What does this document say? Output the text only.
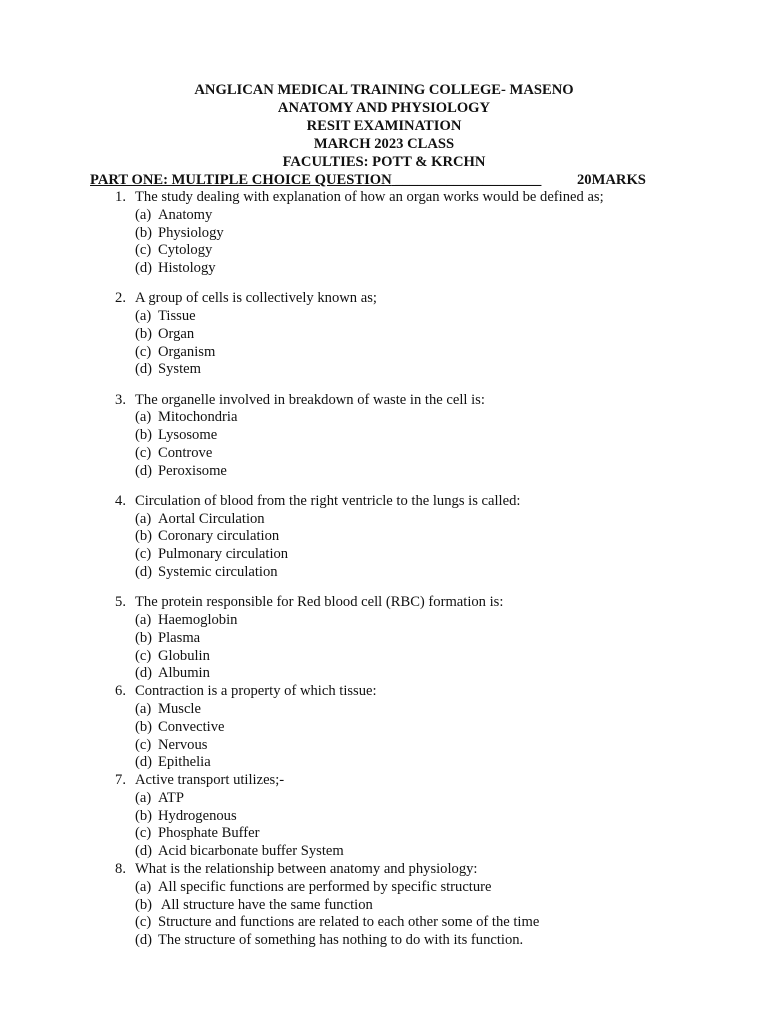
ANGLICAN MEDICAL TRAINING COLLEGE- MASENO
ANATOMY AND PHYSIOLOGY
RESIT EXAMINATION
MARCH 2023 CLASS
FACULTIES: POTT & KRCHN
PART ONE: MULTIPLE CHOICE QUESTION ____________________ 20MARKS
1. The study dealing with explanation of how an organ works would be defined as;
(a) Anatomy
(b) Physiology
(c) Cytology
(d) Histology
2. A group of cells is collectively known as;
(a) Tissue
(b) Organ
(c) Organism
(d) System
3. The organelle involved in breakdown of waste in the cell is:
(a) Mitochondria
(b) Lysosome
(c) Controve
(d) Peroxisome
4. Circulation of blood from the right ventricle to the lungs is called:
(a) Aortal Circulation
(b) Coronary circulation
(c) Pulmonary circulation
(d) Systemic circulation
5. The protein responsible for Red blood cell (RBC) formation is:
(a) Haemoglobin
(b) Plasma
(c) Globulin
(d) Albumin
6. Contraction is a property of which tissue:
(a) Muscle
(b) Convective
(c) Nervous
(d) Epithelia
7. Active transport utilizes;-
(a) ATP
(b) Hydrogenous
(c) Phosphate Buffer
(d) Acid bicarbonate buffer System
8. What is the relationship between anatomy and physiology:
(a) All specific functions are performed by specific structure
(b) All structure have the same function
(c) Structure and functions are related to each other some of the time
(d) The structure of something has nothing to do with its function.
